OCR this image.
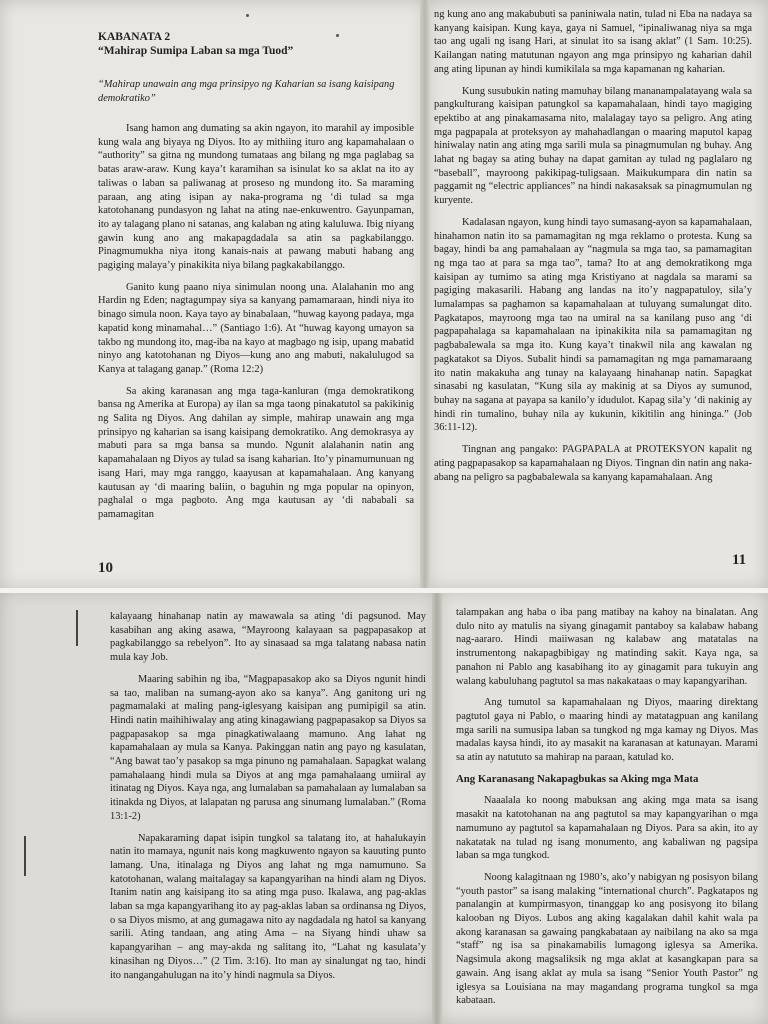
KABANATA 2
“Mahirap Sumipa Laban sa mga Tuod”
“Mahirap unawain ang mga prinsipyo ng Kaharian sa isang kaisipang demokratiko”

Isang hamon ang dumating sa akin ngayon, ito marahil ay imposible kung wala ang biyaya ng Diyos. Ito ay mithiing ituro ang kapamahalaan o “authority” sa gitna ng mundong tumataas ang bilang ng mga paglabag sa batas araw-araw. Kung kaya’t karamihan sa isinulat ko sa aklat na ito ay taliwas o laban sa paliwanag at proseso ng mundong ito. Sa maraming paraan, ang ating isipan ay naka-programa ng ‘di tulad sa mga katotohanang pundasyon ng lahat na ating nae-enkuwentro. Gayunpaman, ito ay talagang plano ni satanas, ang kalaban ng ating kaluluwa. Ibig niyang gawin kung ano ang makapagdadala sa atin sa pagkabilanggo. Pinagmumukha niya itong kanais-nais at pawang mabuti habang ang pagiging malaya’y pinakikita niya bilang pagkakabilanggo.

Ganito kung paano niya sinimulan noong una. Alalahanin mo ang Hardin ng Eden; nagtagumpay siya sa kanyang pamamaraan, hindi niya ito binago simula noon. Kaya tayo ay binabalaan, “huwag kayong padaya, mga kapatid kong minamahal…” (Santiago 1:6). At “huwag kayong umayon sa takbo ng mundong ito, mag-iba na kayo at magbago ng isip, upang mabatid ninyo ang katotohanan ng Diyos—kung ano ang mabuti, nakalulugod sa Kanya at talagang ganap.” (Roma 12:2)

Sa aking karanasan ang mga taga-kanluran (mga demokratikong bansa ng Amerika at Europa) ay ilan sa mga taong pinakatutol sa pakikinig ng Salita ng Diyos. Ang dahilan ay simple, mahirap unawain ang mga prinsipyo ng kaharian sa isang kaisipang demokratiko. Ang demokrasya ay mabuti para sa mga bansa sa mundo. Ngunit alalahanin natin ang kapamahalaan ng Diyos ay tulad sa isang kaharian. Ito’y pinamumunuan ng isang Hari, may mga ranggo, kaayusan at kapamahalaan. Ang kanyang kautusan ay ‘di maaring baliin, o baguhin ng mga popular na opinyon, paghalal o mga pagboto. Ang mga kautusan ay ‘di nababali sa pamamagitan

10

ng kung ano ang makabubuti sa paniniwala natin, tulad ni Eba na nadaya sa kanyang kaisipan. Kung kaya, gaya ni Samuel, “ipinaliwanag niya sa mga tao ang ugali ng isang Hari, at sinulat ito sa isang aklat” (1 Sam. 10:25). Kailangan nating matutunan ngayon ang mga prinsipyo ng kaharian dahil ang ating lipunan ay hindi kumikilala sa mga kapamanan ng kaharian.

Kung susubukin nating mamuhay bilang mananampalatayang wala sa pangkulturang kaisipan patungkol sa kapamahalaan, hindi tayo magiging epektibo at ang pinakamasama nito, malalagay tayo sa peligro. Ang ating mga pagpapala at proteksyon ay mahahadlangan o maaring maputol kapag hiniwalay natin ang ating mga sarili mula sa pinagmumulan ng buhay. Ang lahat ng bagay sa ating buhay na dapat gamitan ay tulad ng paglalaro ng “baseball”, mayroong pakikipag-tuligsaan. Maikukumpara din natin sa paggamit ng “electric appliances” na hindi nakasaksak sa pinagmumulan ng kuryente.

Kadalasan ngayon, kung hindi tayo sumasang-ayon sa kapamahalaan, hinahamon natin ito sa pamamagitan ng mga reklamo o protesta. Kung sa bagay, hindi ba ang pamahalaan ay “nagmula sa mga tao, sa pamamagitan ng mga tao at para sa mga tao”, tama? Ito at ang demokratikong mga kaisipan ay tumimo sa ating mga Kristiyano at nagdala sa marami sa pagiging makasarili. Habang ang landas na ito’y nagpapatuloy, sila’y lumalampas sa paghamon sa kapamahalaan at tuluyang sumalungat dito. Pagkatapos, mayroong mga tao na umiral na sa kanilang puso ang ‘di pagpapahalaga sa kapamahalaan na ipinakikita nila sa pamamagitan ng pagbabalewala sa mga ito. Kung kaya’t tinakwil nila ang kawalan ng pagkatakot sa Diyos. Subalit hindi sa pamamagitan ng mga pamamaraang ito natin makakuha ang tunay na kalayaang hinahanap natin. Sapagkat sinasabi ng kasulatan, “Kung sila ay makinig at sa Diyos ay sumunod, buhay na sagana at payapa sa kanilo’y idudulot. Kapag sila’y ‘di nakinig ay hindi rin tumalino, buhay nila ay kukunin, kikitilin ang hininga.” (Job 36:11-12).

Tingnan ang pangako: PAGPAPALA at PROTEKSYON kapalit ng ating pagpapasakop sa kapamahalaan ng Diyos. Tingnan din natin ang naka-abang na peligro sa pagbabalewala sa kanyang kapamahalaan. Ang

11

kalayaang hinahanap natin ay mawawala sa ating ‘di pagsunod. May kasabihan ang aking asawa, “Mayroong kalayaan sa pagpapasakop at pagkabilanggo sa rebelyon”. Ito ay sinasaad sa mga talatang nabasa natin mula kay Job.

Maaring sabihin ng iba, “Magpapasakop ako sa Diyos ngunit hindi sa tao, maliban na sumang-ayon ako sa kanya”. Ang ganitong uri ng pagmamalaki at maling pang-iglesyang kaisipan ang pumipigil sa atin. Hindi natin maihihiwalay ang ating kinagawiang pagpapasakop sa Diyos sa pagpapasakop sa mga pinagkatiwalaang mamuno. Ang lahat ng kapamahalaan ay mula sa Kanya. Pakinggan natin ang payo ng kasulatan, “Ang bawat tao’y pasakop sa mga pinuno ng pamahalaan. Sapagkat walang pamahalaang hindi mula sa Diyos at ang mga pamahalaang umiiral ay itinatag ng Diyos. Kaya nga, ang lumalaban sa pamahalaan ay lumalaban sa itinakda ng Diyos, at lalapatan ng parusa ang sinumang lumalaban.” (Roma 13:1-2)

Napakaraming dapat isipin tungkol sa talatang ito, at hahalukayin natin ito mamaya, ngunit nais kong magkuwento ngayon sa kauuting punto lamang. Una, itinalaga ng Diyos ang lahat ng mga namumuno. Sa katotohanan, walang maitalagay sa kapangyarihan na hindi alam ng Diyos. Itanim natin ang kaisipang ito sa ating mga puso. Ikalawa, ang pag-aklas laban sa mga kapangyarihang ito ay pag-aklas laban sa ordinansa ng Diyos, o sa Diyos mismo, at ang gumagawa nito ay nagdadala ng hatol sa kanyang sarili. Ating tandaan, ang ating Ama – na Siyang hindi uhaw sa kapangyarihan – ang may-akda ng salitang ito, “Lahat ng kasulata’y kinasihan ng Diyos…” (2 Tim. 3:16). Ito man ay sinalungat ng tao, hindi ito nangangahulugan na ito’y hindi nagmula sa Diyos.

talampakan ang haba o iba pang matibay na kahoy na binalatan. Ang dulo nito ay matulis na siyang ginagamit pantaboy sa kalabaw habang nag-aararo. Hindi maiiwasan ng kalabaw ang matatalas na instrumentong nakapagbibigay ng matinding sakit. Kaya nga, sa panahon ni Pablo ang kasabihang ito ay ginagamit para tukuyin ang walang kabuluhang pagtutol sa mas nakakataas o may kapangyarihan.

Ang tumutol sa kapamahalaan ng Diyos, maaring direktang pagtutol gaya ni Pablo, o maaring hindi ay matatagpuan ang kanilang mga sarili na sumusipa laban sa tungkod ng mga kamay ng Diyos. Mas madalas kaysa hindi, ito ay masakit na karanasan at katunayan. Marami sa atin ay natututo sa mahirap na paraan, katulad ko.

Ang Karanasang Nakapagbukas sa Aking mga Mata

Naaalala ko noong mabuksan ang aking mga mata sa isang masakit na katotohanan na ang pagtutol sa may kapangyarihan o mga namumuno ay pagtutol sa kapamahalaan ng Diyos. Para sa akin, ito ay nakatatak na tulad ng isang monumento, ang kabaliwan ng pagsipa laban sa mga tungkod.

Noong kalagitnaan ng 1980’s, ako’y nabigyan ng posisyon bilang “youth pastor” sa isang malaking “international church”. Pagkatapos ng panalangin at kumpirmasyon, tinanggap ko ang posisyong ito bilang kalooban ng Diyos. Lubos ang aking kagalakan dahil kahit wala pa akong karanasan sa gawaing pangkabataan ay naibilang na ako sa mga “staff” ng isa sa pinakamabilis lumagong iglesya sa Amerika. Nagsimula akong magsaliksik ng mga aklat at kasangkapan para sa gawain. Ang isang aklat ay mula sa isang “Senior Youth Pastor” ng iglesya sa Louisiana na may magandang programa tungkol sa mga kabataan.
